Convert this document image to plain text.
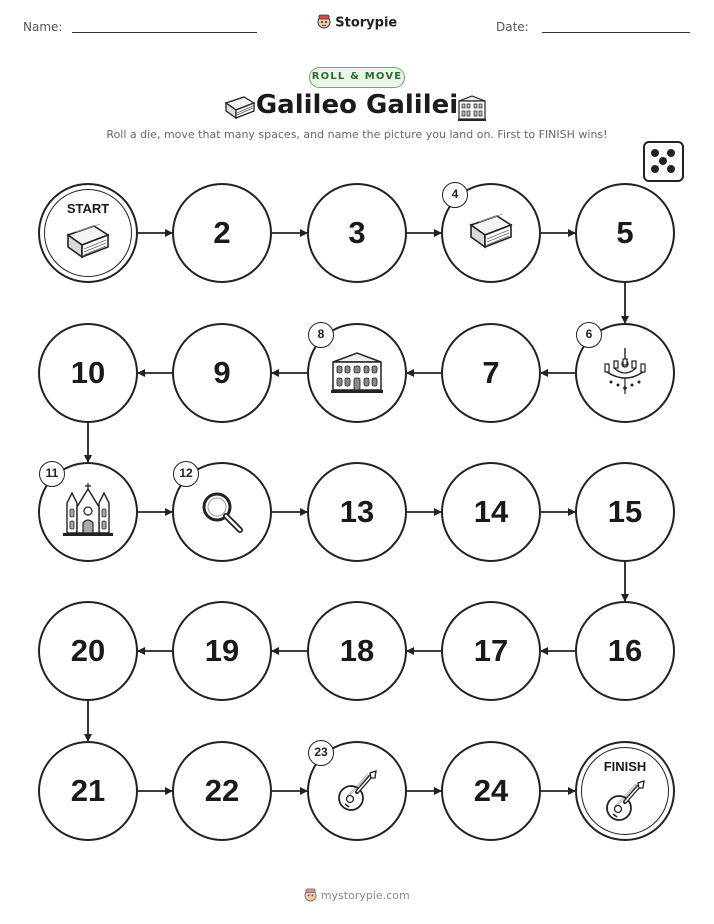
Name:	Storypie	Date:
ROLL & MOVE
Galileo Galilei
Roll a die, move that many spaces, and name the picture you land on. First to FINISH wins!
START
2	3
4
5
6
7
8
9
10
11	12
13	14	15
16
17
18
19
20
21	22
23
24
FINISH
mystorypie.com
